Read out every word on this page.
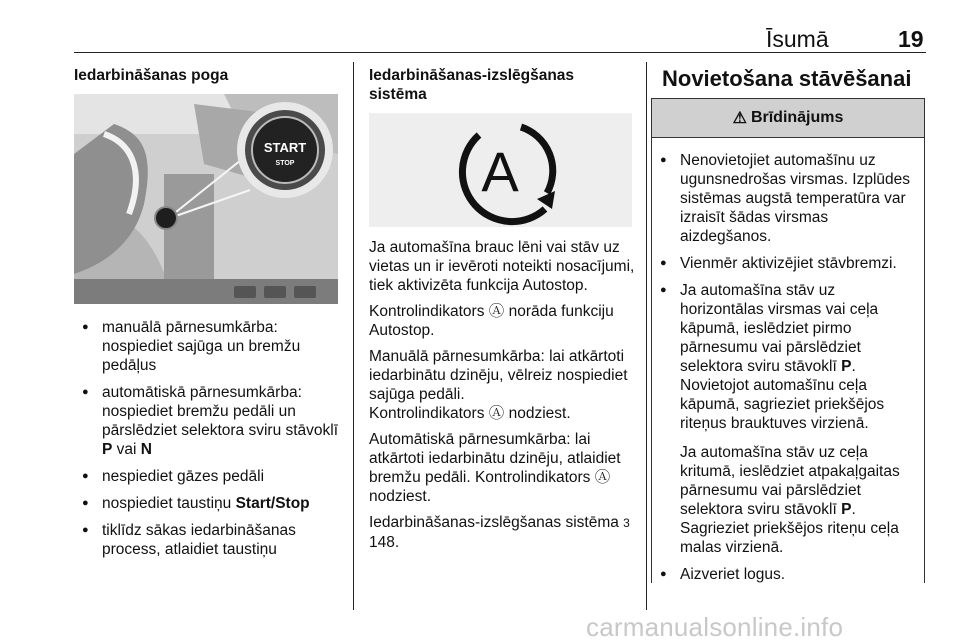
Īsumā	19
Iedarbināšanas poga
START
STOP
● manuālā pārnesumkārba: nospiediet sajūga un bremžu pedāļus
● automātiskā pārnesumkārba: nospiediet bremžu pedāli un pārslēdziet selektora sviru stāvoklī P vai N
● nespiediet gāzes pedāli
● nospiediet taustiņu Start/Stop
● tiklīdz sākas iedarbināšanas process, atlaidiet taustiņu
Iedarbināšanas-izslēgšanas sistēma
A

Ja automašīna brauc lēni vai stāv uz vietas un ir ievēroti noteikti nosacījumi, tiek aktivizēta funkcija Autostop.

Kontrolindikators Ⓐ norāda funkciju Autostop.

Manuālā pārnesumkārba: lai atkārtoti iedarbinātu dzinēju, vēlreiz nospiediet sajūga pedāli.
Kontrolindikators Ⓐ nodziest.

Automātiskā pārnesumkārba: lai atkārtoti iedarbinātu dzinēju, atlaidiet bremžu pedāli. Kontrolindikators Ⓐ nodziest.

Iedarbināšanas-izslēgšanas sistēma 3 148.

Novietošana stāvēšanai
⚠ Brīdinājums
● Nenovietojiet automašīnu uz ugunsnedrošas virsmas. Izplūdes sistēmas augstā temperatūra var izraisīt šādas virsmas aizdegšanos.
● Vienmēr aktivizējiet stāvbremzi.
● Ja automašīna stāv uz horizontālas virsmas vai ceļa kāpumā, ieslēdziet pirmo pārnesumu vai pārslēdziet selektora sviru stāvoklī P. Novietojot automašīnu ceļa kāpumā, sagrieziet priekšējos riteņus brauktuves virzienā.

Ja automašīna stāv uz ceļa kritumā, ieslēdziet atpakaļgaitas pārnesumu vai pārslēdziet selektora sviru stāvoklī P. Sagrieziet priekšējos riteņu ceļa malas virzienā.

● Aizveriet logus.
carmanualsonline.info
